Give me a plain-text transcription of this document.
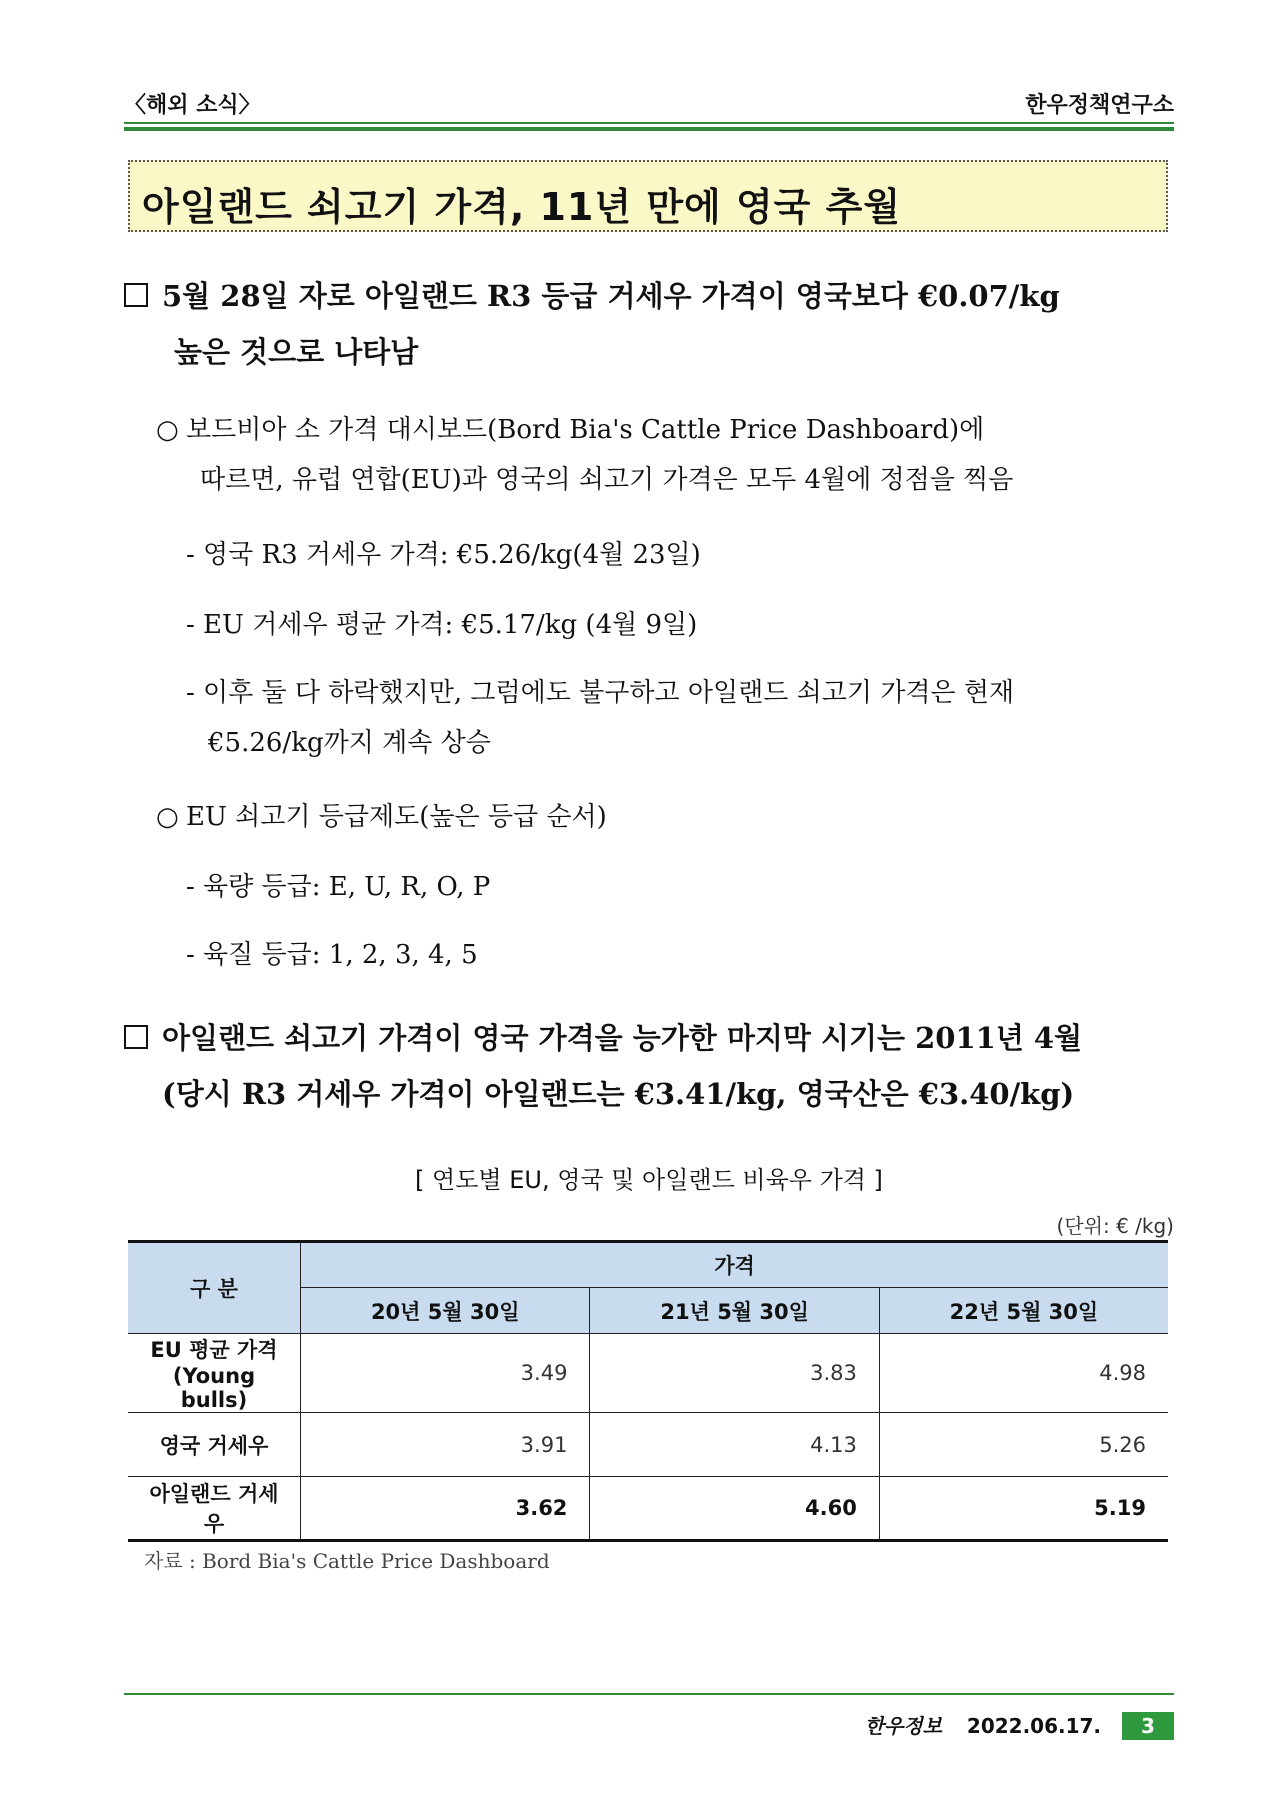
〈해외 소식〉	한우정책연구소
아일랜드 쇠고기 가격, 11년 만에 영국 추월
5월 28일 자로 아일랜드 R3 등급 거세우 가격이 영국보다 €0.07/kg
높은 것으로 나타남
○ 보드비아 소 가격 대시보드(Bord Bia's Cattle Price Dashboard)에
따르면, 유럽 연합(EU)과 영국의 쇠고기 가격은 모두 4월에 정점을 찍음
- 영국 R3 거세우 가격: €5.26/kg(4월 23일)
- EU 거세우 평균 가격: €5.17/kg (4월 9일)
- 이후 둘 다 하락했지만, 그럼에도 불구하고 아일랜드 쇠고기 가격은 현재
€5.26/kg까지 계속 상승
○ EU 쇠고기 등급제도(높은 등급 순서)
- 육량 등급: E, U, R, O, P
- 육질 등급: 1, 2, 3, 4, 5
아일랜드 쇠고기 가격이 영국 가격을 능가한 마지막 시기는 2011년 4월
(당시 R3 거세우 가격이 아일랜드는 €3.41/kg, 영국산은 €3.40/kg)
[ 연도별 EU, 영국 및 아일랜드 비육우 가격 ]
(단위: € /kg)
구 분	가격		
	20년 5월 30일	21년 5월 30일	22년 5월 30일

EU 평균 가격
(Young bulls)	3.49	3.83	4.98
영국 거세우	3.91	4.13	5.26
아일랜드 거세우	3.62	4.60	5.19
자료 : Bord Bia's Cattle Price Dashboard
한우정보 2022.06.17. 3
